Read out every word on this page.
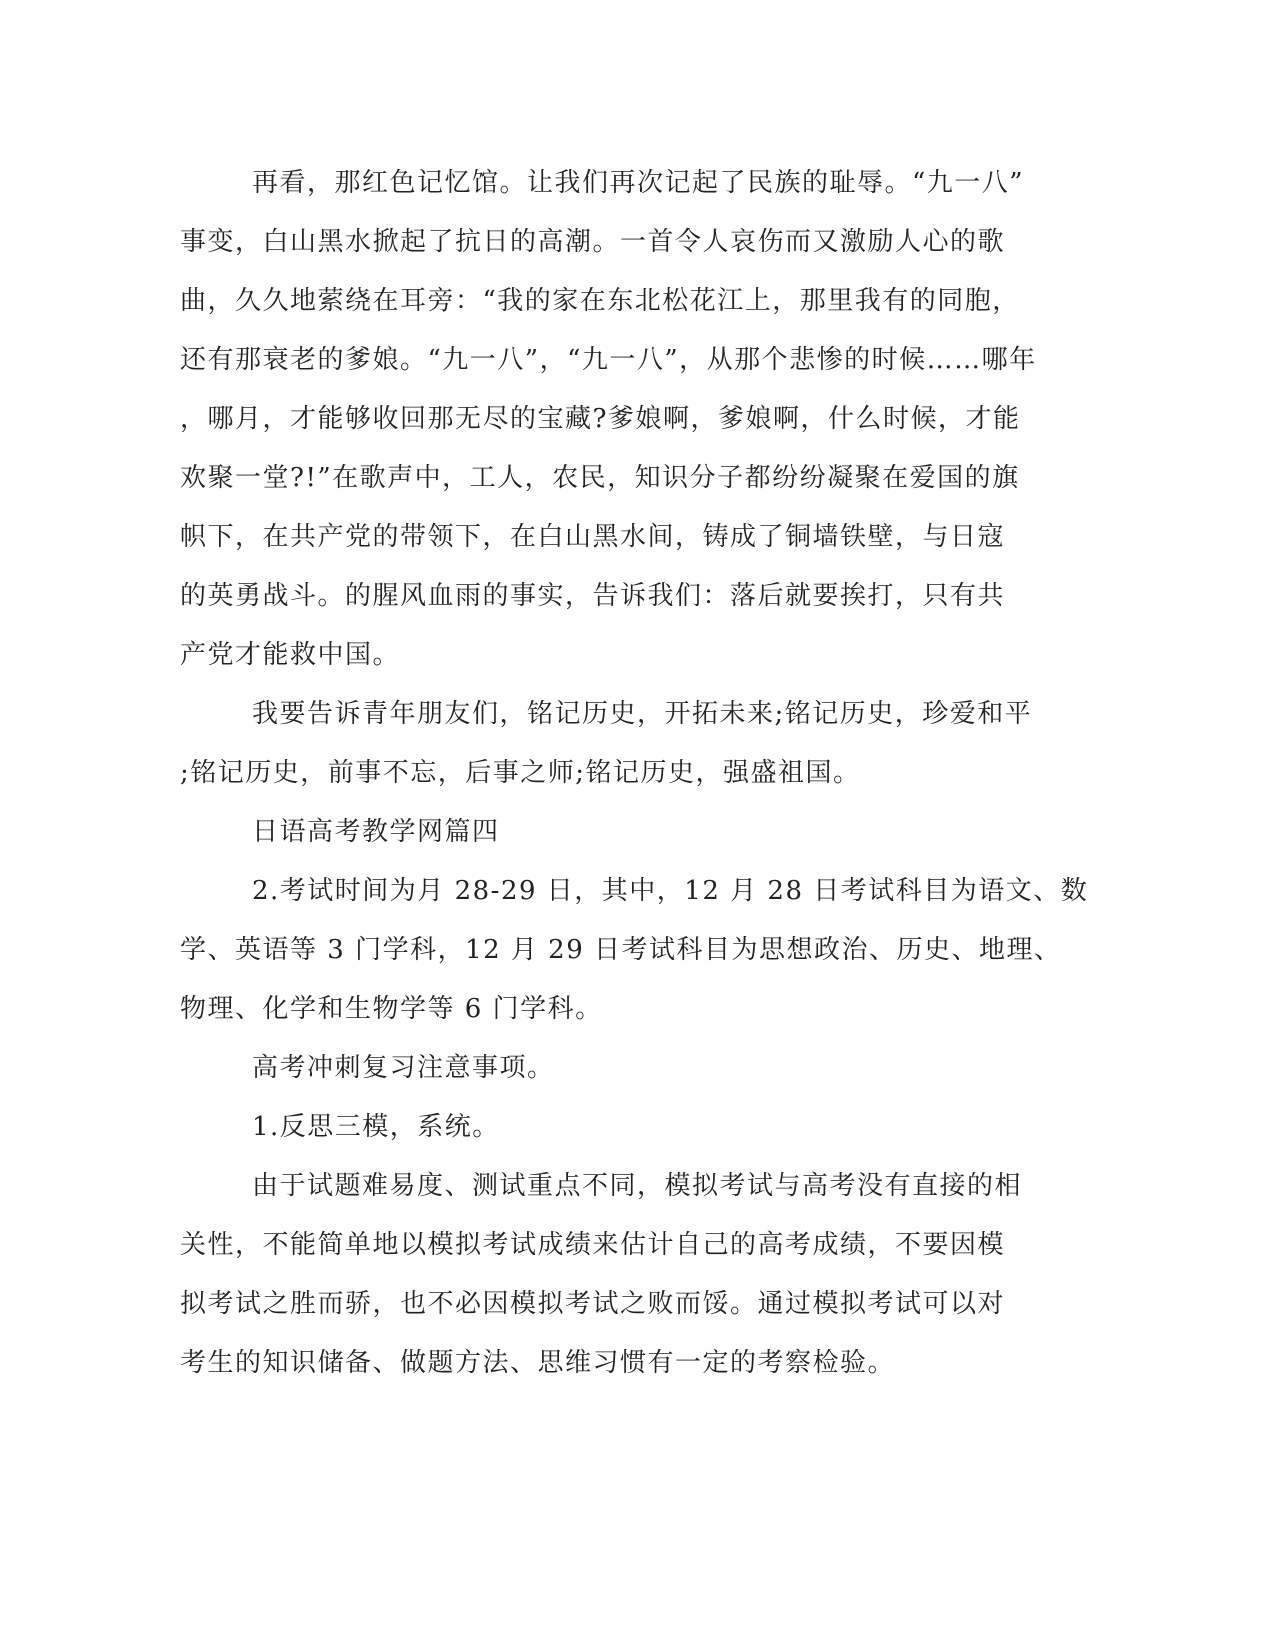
再看，那红色记忆馆。让我们再次记起了民族的耻辱。“九一八”
事变，白山黑水掀起了抗日的高潮。一首令人哀伤而又激励人心的歌
曲，久久地萦绕在耳旁：“我的家在东北松花江上，那里我有的同胞，
还有那衰老的爹娘。“九一八”，“九一八”，从那个悲惨的时候……哪年
，哪月，才能够收回那无尽的宝藏?爹娘啊，爹娘啊，什么时候，才能
欢聚一堂?!”在歌声中，工人，农民，知识分子都纷纷凝聚在爱国的旗
帜下，在共产党的带领下，在白山黑水间，铸成了铜墙铁壁，与日寇
的英勇战斗。的腥风血雨的事实，告诉我们：落后就要挨打，只有共
产党才能救中国。
我要告诉青年朋友们，铭记历史，开拓未来;铭记历史，珍爱和平
;铭记历史，前事不忘，后事之师;铭记历史，强盛祖国。
日语高考教学网篇四
2.考试时间为月 28-29 日，其中，12 月 28 日考试科目为语文、数
学、英语等 3 门学科，12 月 29 日考试科目为思想政治、历史、地理、
物理、化学和生物学等 6 门学科。
高考冲刺复习注意事项。
1.反思三模，系统。
由于试题难易度、测试重点不同，模拟考试与高考没有直接的相
关性，不能简单地以模拟考试成绩来估计自己的高考成绩，不要因模
拟考试之胜而骄，也不必因模拟考试之败而馁。通过模拟考试可以对
考生的知识储备、做题方法、思维习惯有一定的考察检验。
